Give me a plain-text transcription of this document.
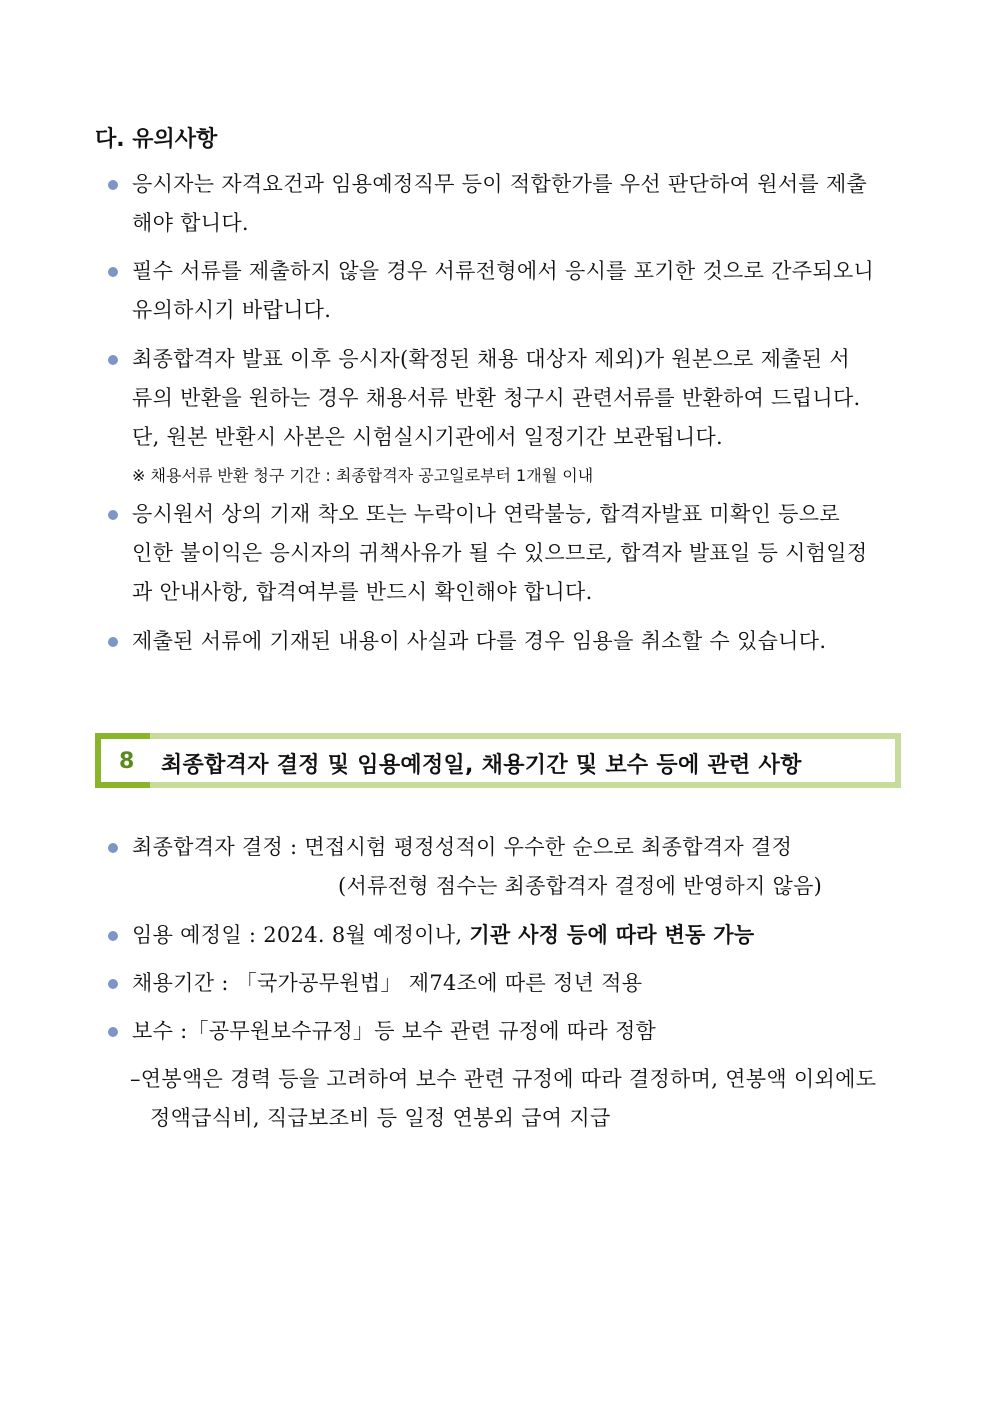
다. 유의사항
응시자는 자격요건과 임용예정직무 등이 적합한가를 우선 판단하여 원서를 제출
해야 합니다.
필수 서류를 제출하지 않을 경우 서류전형에서 응시를 포기한 것으로 간주되오니
유의하시기 바랍니다.
최종합격자 발표 이후 응시자(확정된 채용 대상자 제외)가 원본으로 제출된 서
류의 반환을 원하는 경우 채용서류 반환 청구시 관련서류를 반환하여 드립니다.
단, 원본 반환시 사본은 시험실시기관에서 일정기간 보관됩니다.
※ 채용서류 반환 청구 기간 : 최종합격자 공고일로부터 1개월 이내
응시원서 상의 기재 착오 또는 누락이나 연락불능, 합격자발표 미확인 등으로
인한 불이익은 응시자의 귀책사유가 될 수 있으므로, 합격자 발표일 등 시험일정
과 안내사항, 합격여부를 반드시 확인해야 합니다.
제출된 서류에 기재된 내용이 사실과 다를 경우 임용을 취소할 수 있습니다.
8 최종합격자 결정 및 임용예정일, 채용기간 및 보수 등에 관련 사항
최종합격자 결정 : 면접시험 평정성적이 우수한 순으로 최종합격자 결정
(서류전형 점수는 최종합격자 결정에 반영하지 않음)
임용 예정일 : 2024. 8월 예정이나, 기관 사정 등에 따라 변동 가능
채용기간 : 「국가공무원법」 제74조에 따른 정년 적용
보수 :「공무원보수규정」등 보수 관련 규정에 따라 정함
–연봉액은 경력 등을 고려하여 보수 관련 규정에 따라 결정하며, 연봉액 이외에도
정액급식비, 직급보조비 등 일정 연봉외 급여 지급
